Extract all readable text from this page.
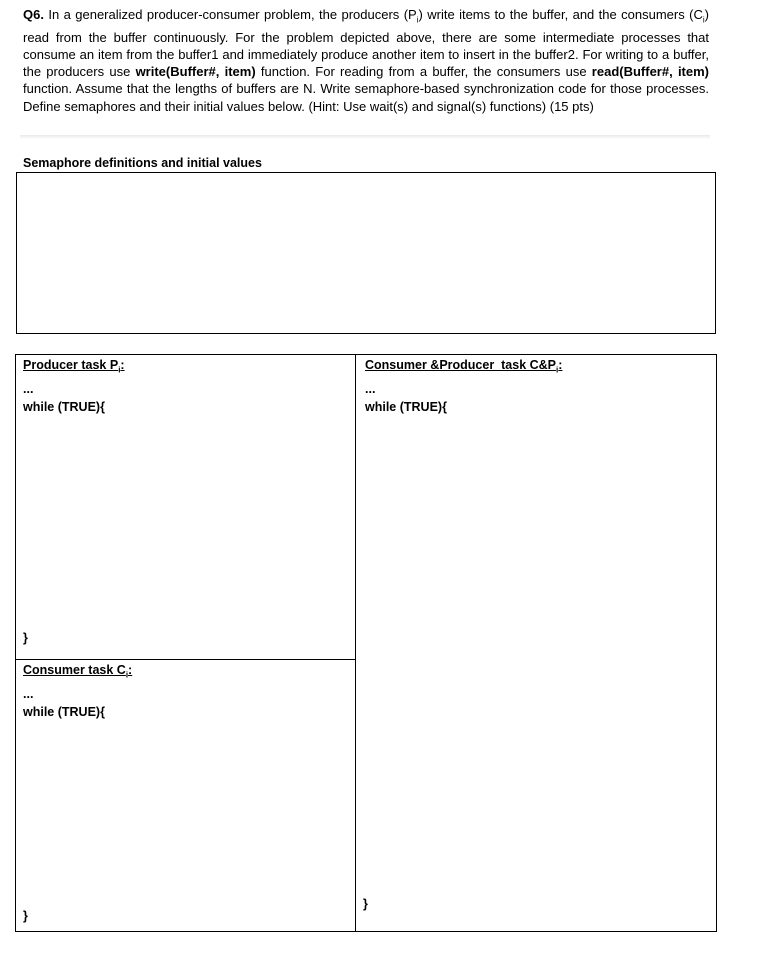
Q6. In a generalized producer-consumer problem, the producers $(P_i)$ write items to the buffer, and the consumers $(C_i)$ read from the buffer continuously. For the problem depicted above, there are some intermediate processes that consume an item from the buffer1 and immediately produce another item to insert in the buffer2. For writing to a buffer, the producers use write(Buffer#, item) function. For reading from a buffer, the consumers use read(Buffer#, item) function. Assume that the lengths of buffers are N. Write semaphore-based synchronization code for those processes. Define semaphores and their initial values below. (Hint: Use wait(s) and signal(s) functions) (15 pts)
Semaphore definitions and initial values
Producer task $P_i$:
...
while (TRUE){
}
Consumer &Producer  task $C\&P_i$:
...
while (TRUE){
}
Consumer task $C_i$:
...
while (TRUE){
}
